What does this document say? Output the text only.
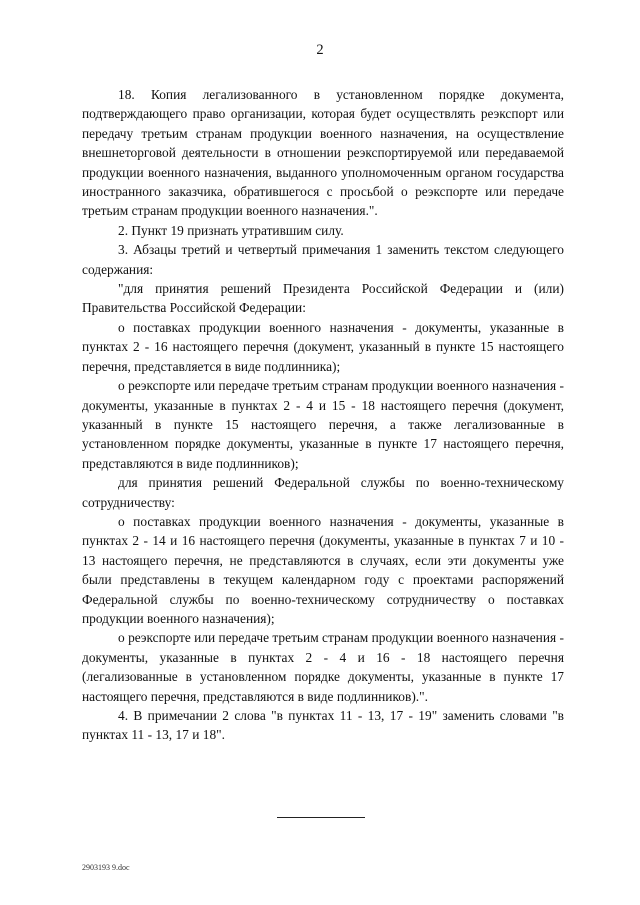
2

18. Копия легализованного в установленном порядке документа, подтверждающего право организации, которая будет осуществлять реэкспорт или передачу третьим странам продукции военного назначения, на осуществление внешнеторговой деятельности в отношении реэкспортируемой или передаваемой продукции военного назначения, выданного уполномоченным органом государства иностранного заказчика, обратившегося с просьбой о реэкспорте или передаче третьим странам продукции военного назначения.".

2. Пункт 19 признать утратившим силу.

3. Абзацы третий и четвертый примечания 1 заменить текстом следующего содержания:

"для принятия решений Президента Российской Федерации и (или) Правительства Российской Федерации:

о поставках продукции военного назначения - документы, указанные в пунктах 2 - 16 настоящего перечня (документ, указанный в пункте 15 настоящего перечня, представляется в виде подлинника);

о реэкспорте или передаче третьим странам продукции военного назначения - документы, указанные в пунктах 2 - 4 и 15 - 18 настоящего перечня (документ, указанный в пункте 15 настоящего перечня, а также легализованные в установленном порядке документы, указанные в пункте 17 настоящего перечня, представляются в виде подлинников);

для принятия решений Федеральной службы по военно-техническому сотрудничеству:

о поставках продукции военного назначения - документы, указанные в пунктах 2 - 14 и 16 настоящего перечня (документы, указанные в пунктах 7 и 10 - 13 настоящего перечня, не представляются в случаях, если эти документы уже были представлены в текущем календарном году с проектами распоряжений Федеральной службы по военно-техническому сотрудничеству о поставках продукции военного назначения);

о реэкспорте или передаче третьим странам продукции военного назначения - документы, указанные в пунктах 2 - 4 и 16 - 18 настоящего перечня (легализованные в установленном порядке документы, указанные в пункте 17 настоящего перечня, представляются в виде подлинников).".

4. В примечании 2 слова "в пунктах 11 - 13, 17 - 19" заменить словами "в пунктах 11 - 13, 17 и 18".

2903193 9.doc
